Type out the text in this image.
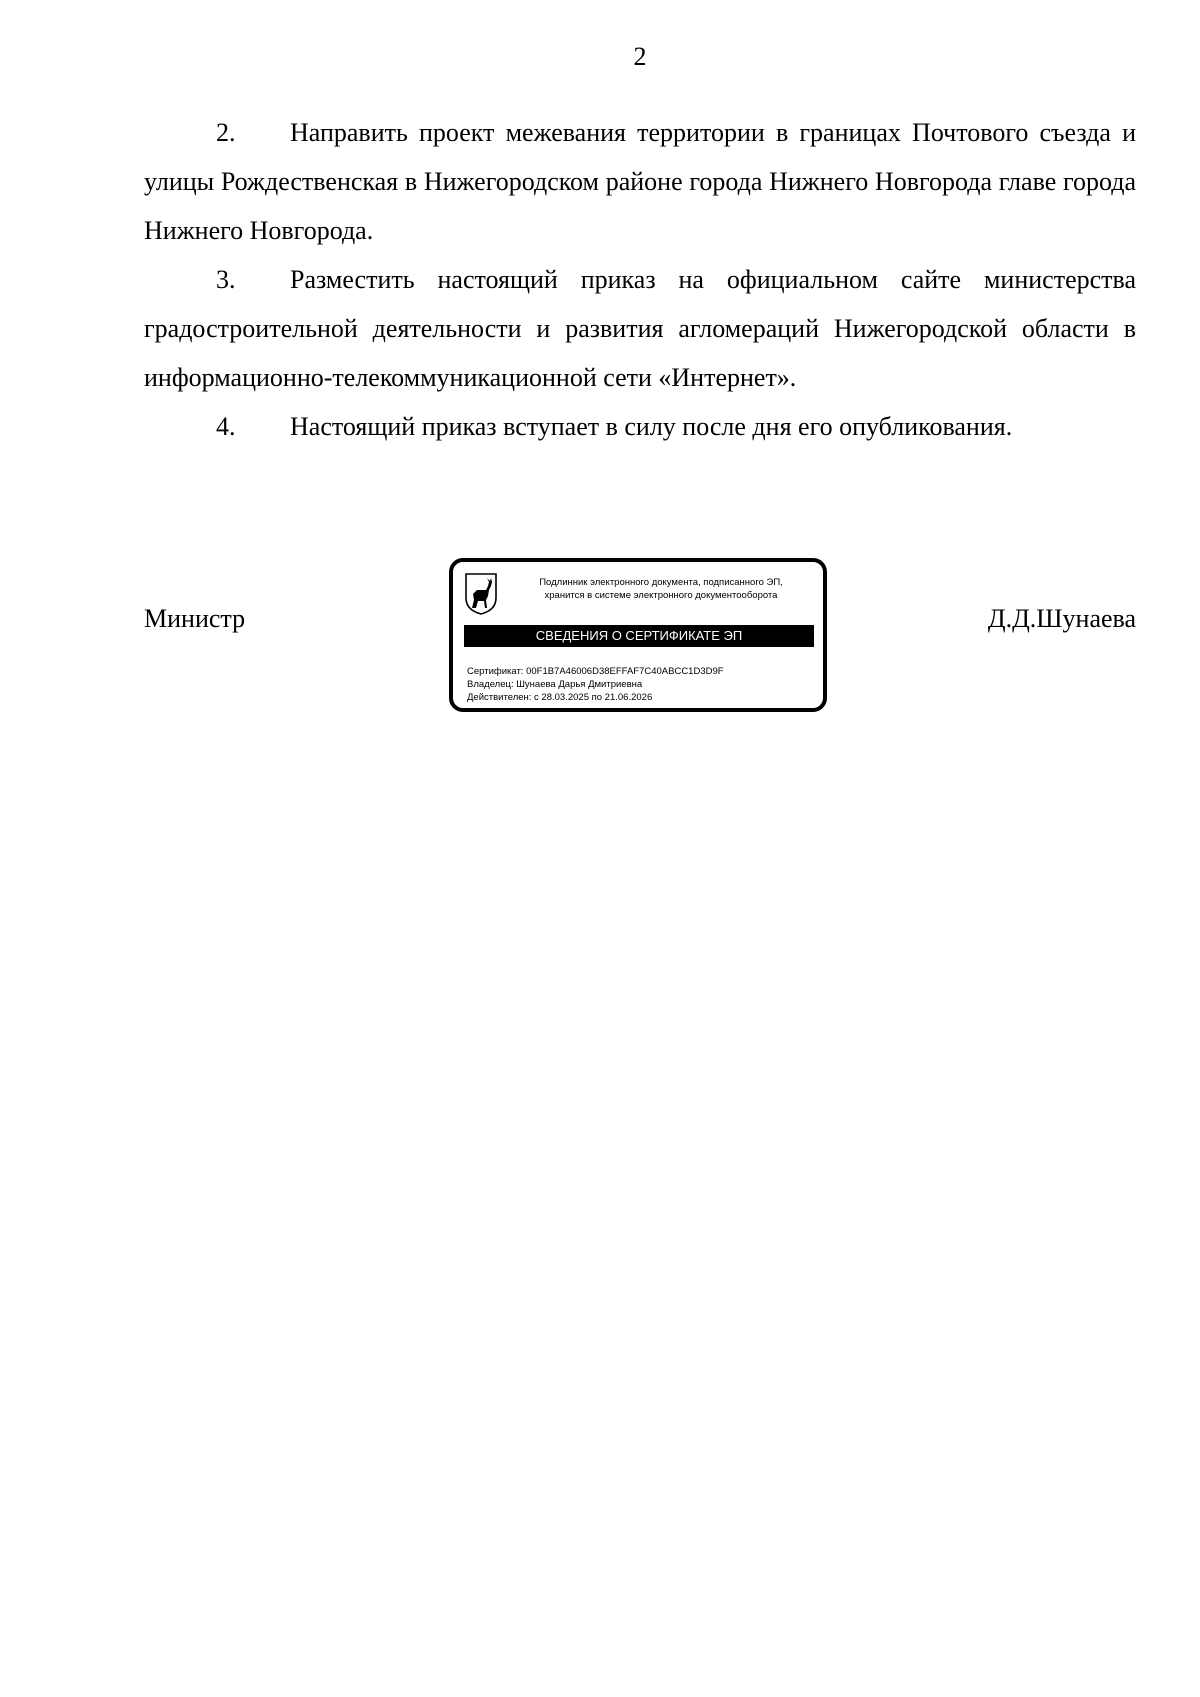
2

2. Направить проект межевания территории в границах Почтового съезда и улицы Рождественская в Нижегородском районе города Нижнего Новгорода главе города Нижнего Новгорода.

3. Разместить настоящий приказ на официальном сайте министерства градостроительной деятельности и развития агломераций Нижегородской области в информационно-телекоммуникационной сети «Интернет».

4. Настоящий приказ вступает в силу после дня его опубликования.

Министр
Подлинник электронного документа, подписанного ЭП,
хранится в системе электронного документооборота
СВЕДЕНИЯ О СЕРТИФИКАТЕ ЭП
Сертификат: 00F1B7A46006D38EFFAF7C40ABCC1D3D9F
Владелец: Шунаева Дарья Дмитриевна
Действителен: с 28.03.2025 по 21.06.2026
Д.Д.Шунаева
